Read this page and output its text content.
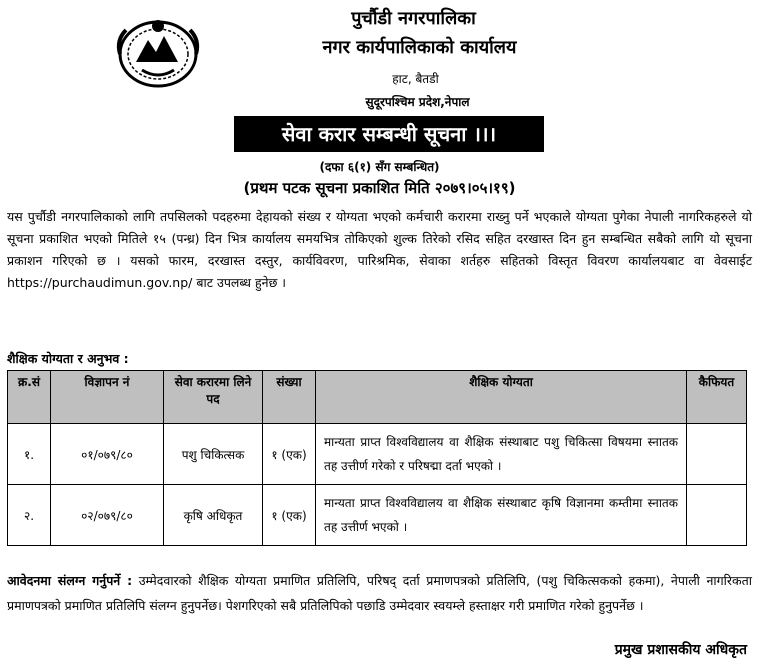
पुर्चौडी नगरपालिका
नगर कार्यपालिकाको कार्यालय
हाट, बैतडी
सुदूरपश्चिम प्रदेश,नेपाल
सेवा करार सम्बन्धी सूचना ।।।
(दफा ६(१) सँग सम्बन्धित)
(प्रथम पटक सूचना प्रकाशित मिति २०७९।०५।१९)
यस पुर्चौडी नगरपालिकाको लागि तपसिलको पदहरुमा देहायको संख्य र योग्यता भएको कर्मचारी करारमा राख्नु पर्ने भएकाले योग्यता पुगेका नेपाली नागरिकहरुले यो सूचना प्रकाशित भएको मितिले १५ (पन्ध्र) दिन भित्र कार्यालय समयभित्र तोकिएको शुल्क तिरेको रसिद सहित दरखास्त दिन हुन सम्बन्धित सबैको लागि यो सूचना प्रकाशन गरिएको छ । यसको फारम, दरखास्त दस्तुर, कार्यविवरण, पारिश्रमिक, सेवाका शर्तहरु सहितको विस्तृत विवरण कार्यालयबाट वा वेवसाईट https://purchaudimun.gov.np/ बाट उपलब्ध हुनेछ ।
शैक्षिक योग्यता र अनुभव :
क्र.सं	विज्ञापन नं	सेवा करारमा लिने पद	संख्या	शैक्षिक योग्यता	कैफियत
१.	०१/०७९/८०	पशु चिकित्सक	१ (एक)	मान्यता प्राप्त विश्वविद्यालय वा शैक्षिक संस्थाबाट पशु चिकित्सा विषयमा स्नातक तह उत्तीर्ण गरेको र परिषद्मा दर्ता भएको ।	
२.	०२/०७९/८०	कृषि अधिकृत	१ (एक)	मान्यता प्राप्त विश्वविद्यालय वा शैक्षिक संस्थाबाट कृषि विज्ञानमा कम्तीमा स्नातक तह उत्तीर्ण भएको ।	
आवेदनमा संलग्न गर्नुपर्ने : उम्मेदवारको शैक्षिक योग्यता प्रमाणित प्रतिलिपि, परिषद् दर्ता प्रमाणपत्रको प्रतिलिपि, (पशु चिकित्सकको हकमा), नेपाली नागरिकता प्रमाणपत्रको प्रमाणित प्रतिलिपि संलग्न हुनुपर्नेछ। पेशगरिएको सबै प्रतिलिपिको पछाडि उम्मेदवार स्वयम्ले हस्ताक्षर गरी प्रमाणित गरेको हुनुपर्नेछ ।
प्रमुख प्रशासकीय अधिकृत
